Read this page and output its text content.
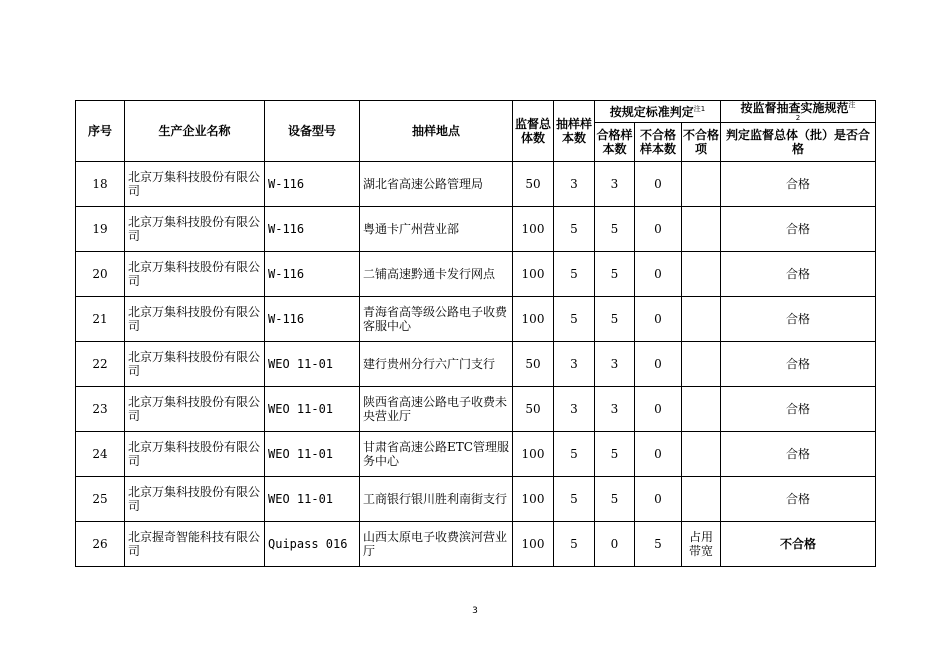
序号	生产企业名称	设备型号	抽样地点	监督总体数	抽样样本数	按规定标准判定$^{注1}$			按监督抽查实施规范$^注$
2

						合格样本数	不合格样本数	不合格项	判定监督总体（批）是否合格
18	北京万集科技股份有限公司	W-116	湖北省高速公路管理局	50	3	3	0		合格
19	北京万集科技股份有限公司	W-116	粤通卡广州营业部	100	5	5	0		合格
20	北京万集科技股份有限公司	W-116	二铺高速黔通卡发行网点	100	5	5	0		合格
21	北京万集科技股份有限公司	W-116	青海省高等级公路电子收费客服中心	100	5	5	0		合格
22	北京万集科技股份有限公司	WEO 11-01	建行贵州分行六广门支行	50	3	3	0		合格
23	北京万集科技股份有限公司	WEO 11-01	陕西省高速公路电子收费未央营业厅	50	3	3	0		合格
24	北京万集科技股份有限公司	WEO 11-01	甘肃省高速公路ETC管理服务中心	100	5	5	0		合格
25	北京万集科技股份有限公司	WEO 11-01	工商银行银川胜利南街支行	100	5	5	0		合格
26	北京握奇智能科技有限公司	Quipass 016	山西太原电子收费滨河营业厅	100	5	0	5	占用带宽	不合格
3
